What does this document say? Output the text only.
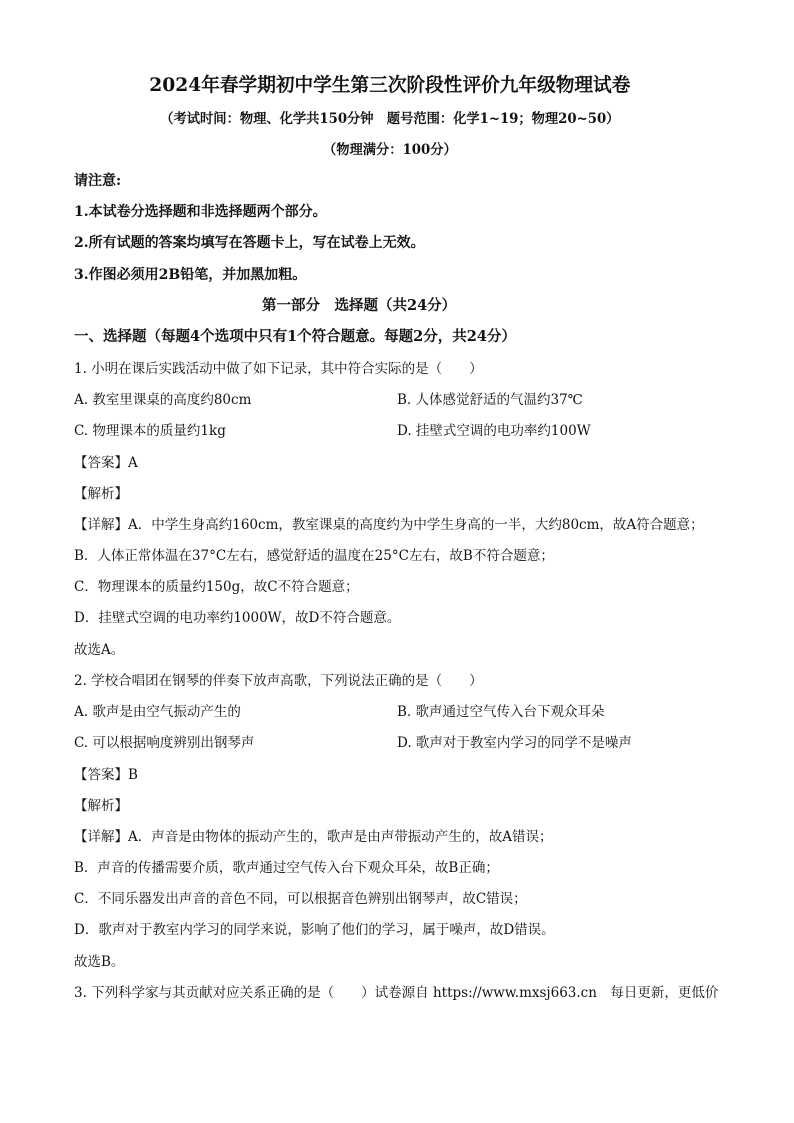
2024年春学期初中学生第三次阶段性评价九年级物理试卷
（考试时间：物理、化学共150分钟　题号范围：化学1~19；物理20~50）
（物理满分：100分）
请注意:
1.本试卷分选择题和非选择题两个部分。
2.所有试题的答案均填写在答题卡上，写在试卷上无效。
3.作图必须用2B铅笔，并加黑加粗。
第一部分　选择题（共24分）
一、选择题（每题4个选项中只有1个符合题意。每题2分，共24分）
1. 小明在课后实践活动中做了如下记录，其中符合实际的是（　　）
A. 教室里课桌的高度约80cm	B. 人体感觉舒适的气温约37℃
C. 物理课本的质量约1kg	D. 挂壁式空调的电功率约100W
【答案】A
【解析】
【详解】A．中学生身高约160cm，教室课桌的高度约为中学生身高的一半，大约80cm，故A符合题意；
B．人体正常体温在37°C左右，感觉舒适的温度在25°C左右，故B不符合题意；
C．物理课本的质量约150g，故C不符合题意；
D．挂壁式空调的电功率约1000W，故D不符合题意。
故选A。
2. 学校合唱团在钢琴的伴奏下放声高歌，下列说法正确的是（　　）
A. 歌声是由空气振动产生的	B. 歌声通过空气传入台下观众耳朵
C. 可以根据响度辨别出钢琴声	D. 歌声对于教室内学习的同学不是噪声
【答案】B
【解析】
【详解】A．声音是由物体的振动产生的，歌声是由声带振动产生的，故A错误；
B．声音的传播需要介质，歌声通过空气传入台下观众耳朵，故B正确；
C．不同乐器发出声音的音色不同，可以根据音色辨别出钢琴声，故C错误；
D．歌声对于教室内学习的同学来说，影响了他们的学习，属于噪声，故D错误。
故选B。
3. 下列科学家与其贡献对应关系正确的是（　　）试卷源自 https://www.mxsj663.cn　每日更新，更低价
